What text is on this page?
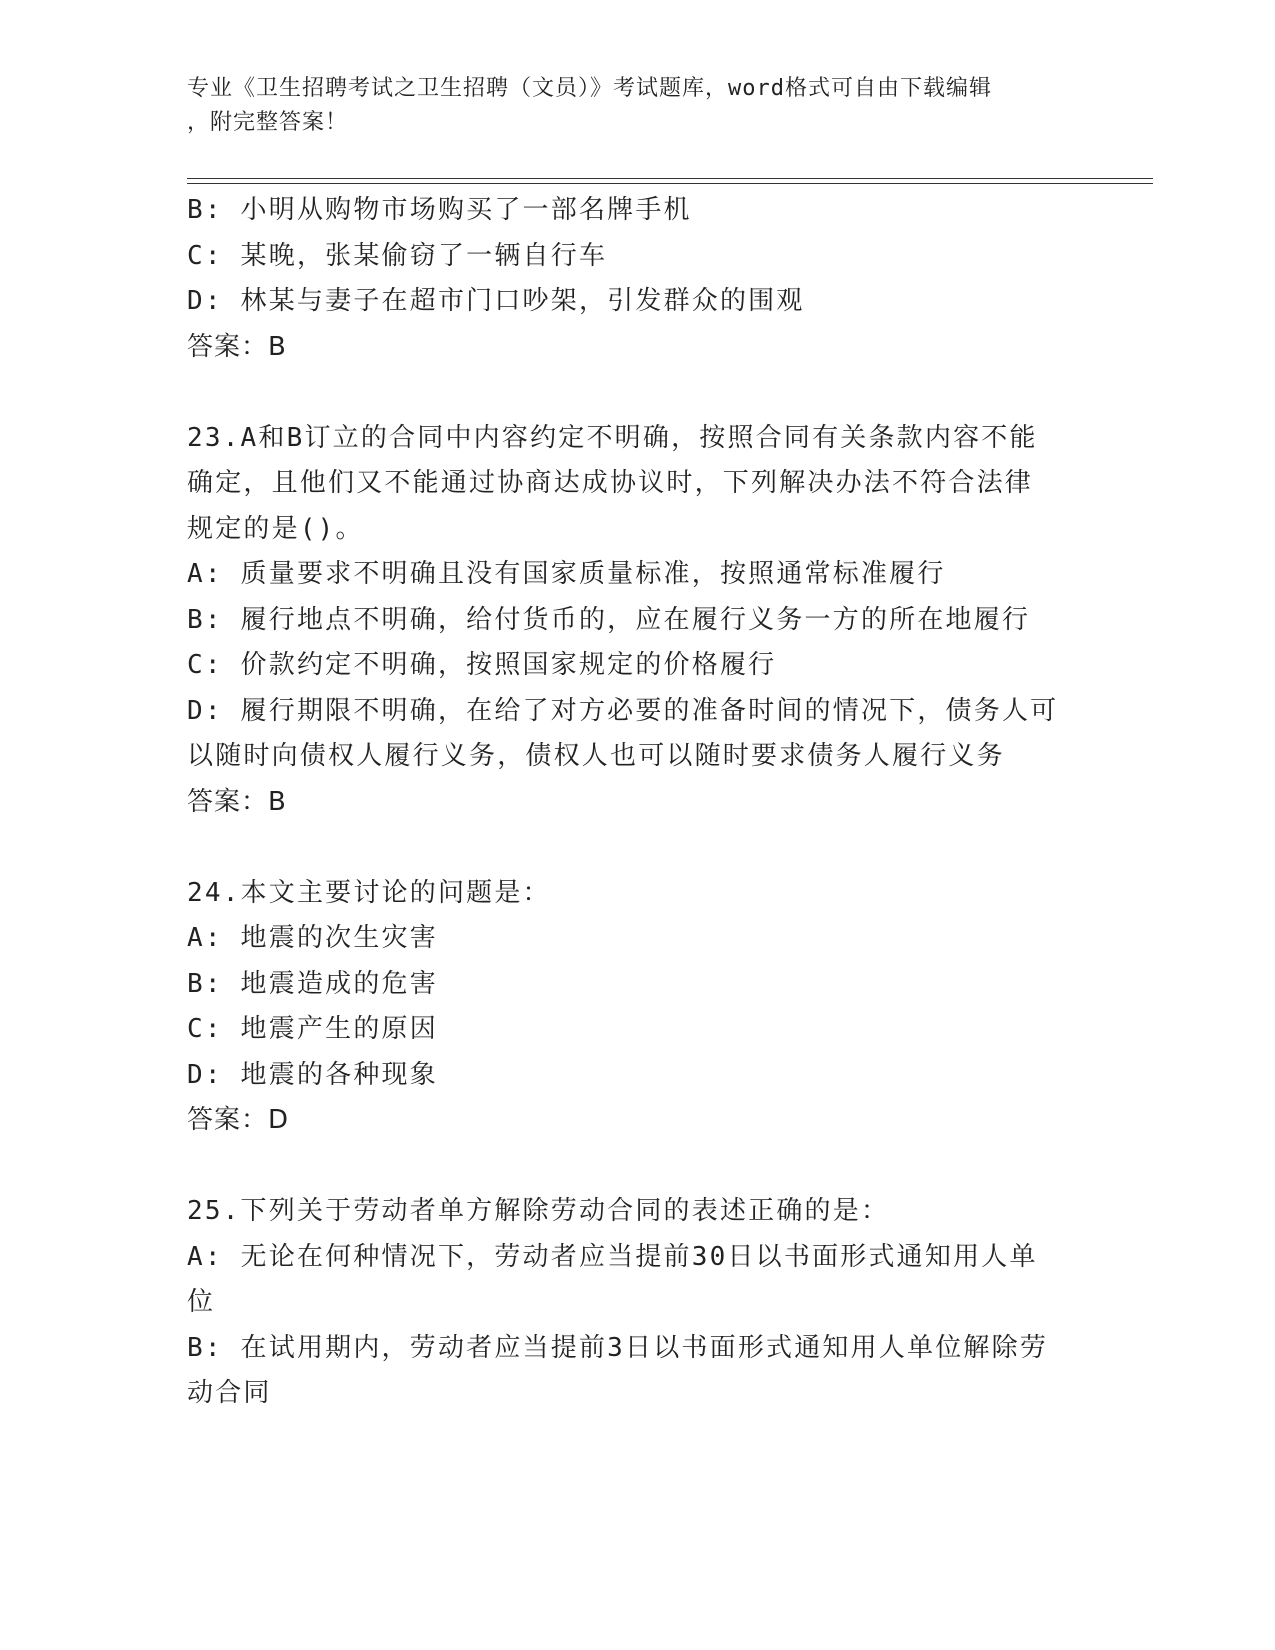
专业《卫生招聘考试之卫生招聘（文员）》考试题库，word格式可自由下载编辑
，附完整答案！

B: 小明从购物市场购买了一部名牌手机

C: 某晚，张某偷窃了一辆自行车

D: 林某与妻子在超市门口吵架，引发群众的围观

答案：B

23.A和B订立的合同中内容约定不明确，按照合同有关条款内容不能

确定，且他们又不能通过协商达成协议时，下列解决办法不符合法律

规定的是()。

A: 质量要求不明确且没有国家质量标准，按照通常标准履行

B: 履行地点不明确，给付货币的，应在履行义务一方的所在地履行

C: 价款约定不明确，按照国家规定的价格履行

D: 履行期限不明确，在给了对方必要的准备时间的情况下，债务人可

以随时向债权人履行义务，债权人也可以随时要求债务人履行义务

答案：B

24.本文主要讨论的问题是：

A: 地震的次生灾害

B: 地震造成的危害

C: 地震产生的原因

D: 地震的各种现象

答案：D

25.下列关于劳动者单方解除劳动合同的表述正确的是：

A: 无论在何种情况下，劳动者应当提前30日以书面形式通知用人单

位

B: 在试用期内，劳动者应当提前3日以书面形式通知用人单位解除劳

动合同
